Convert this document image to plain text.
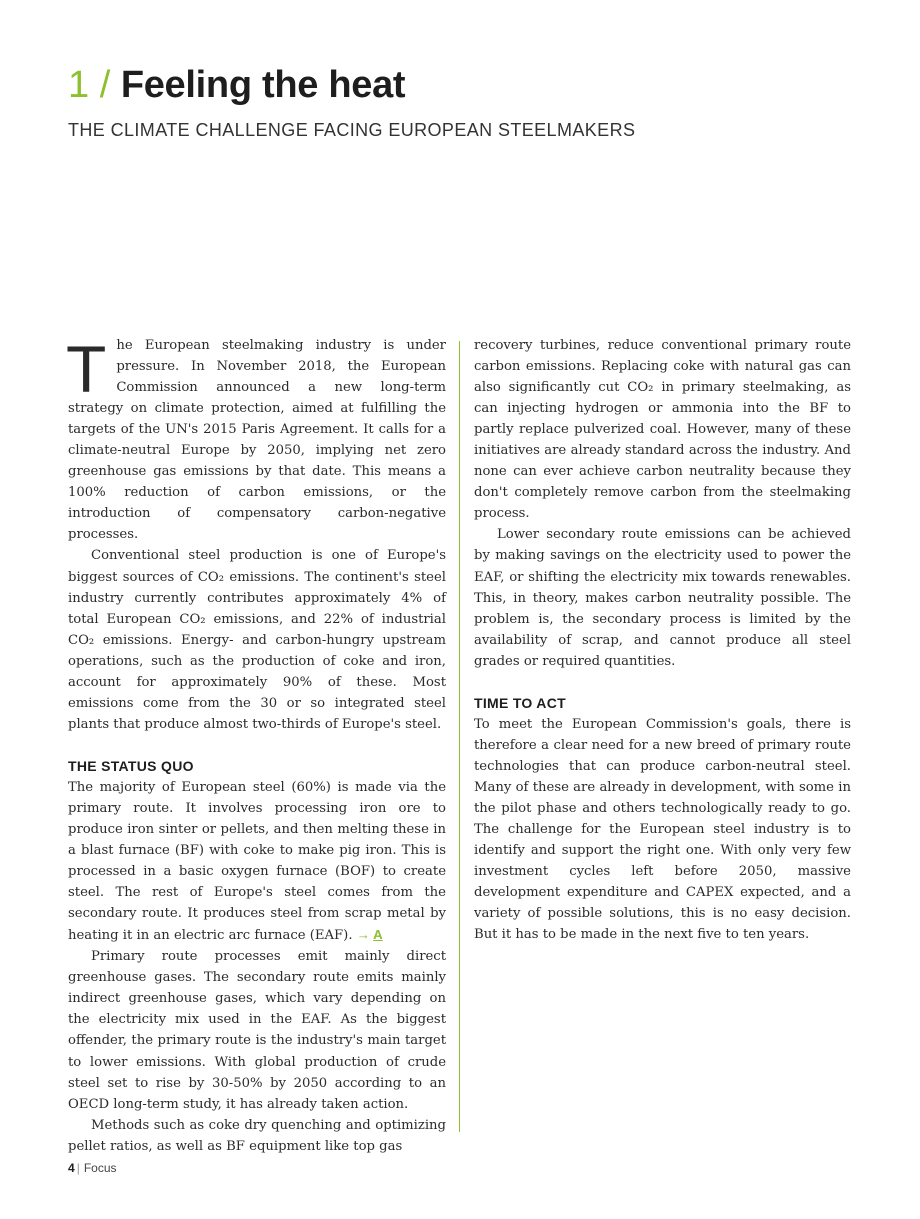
1 / Feeling the heat
THE CLIMATE CHALLENGE FACING EUROPEAN STEELMAKERS

The European steelmaking industry is under pressure. In November 2018, the European Commission announced a new long-term strategy on climate protection, aimed at fulfilling the targets of the UN's 2015 Paris Agreement. It calls for a climate-neutral Europe by 2050, implying net zero greenhouse gas emissions by that date. This means a 100% reduction of carbon emissions, or the introduction of compensatory carbon-negative processes.

Conventional steel production is one of Europe's biggest sources of CO₂ emissions. The continent's steel industry currently contributes approximately 4% of total European CO₂ emissions, and 22% of industrial CO₂ emissions. Energy- and carbon-hungry upstream operations, such as the production of coke and iron, account for approximately 90% of these. Most emissions come from the 30 or so integrated steel plants that produce almost two-thirds of Europe's steel.

THE STATUS QUO

The majority of European steel (60%) is made via the primary route. It involves processing iron ore to produce iron sinter or pellets, and then melting these in a blast furnace (BF) with coke to make pig iron. This is processed in a basic oxygen furnace (BOF) to create steel. The rest of Europe's steel comes from the secondary route. It produces steel from scrap metal by heating it in an electric arc furnace (EAF). → A

Primary route processes emit mainly direct greenhouse gases. The secondary route emits mainly indirect greenhouse gases, which vary depending on the electricity mix used in the EAF. As the biggest offender, the primary route is the industry's main target to lower emissions. With global production of crude steel set to rise by 30-50% by 2050 according to an OECD long-term study, it has already taken action.

Methods such as coke dry quenching and optimizing pellet ratios, as well as BF equipment like top gas

recovery turbines, reduce conventional primary route carbon emissions. Replacing coke with natural gas can also significantly cut CO₂ in primary steelmaking, as can injecting hydrogen or ammonia into the BF to partly replace pulverized coal. However, many of these initiatives are already standard across the industry. And none can ever achieve carbon neutrality because they don't completely remove carbon from the steelmaking process.

Lower secondary route emissions can be achieved by making savings on the electricity used to power the EAF, or shifting the electricity mix towards renewables. This, in theory, makes carbon neutrality possible. The problem is, the secondary process is limited by the availability of scrap, and cannot produce all steel grades or required quantities.

TIME TO ACT

To meet the European Commission's goals, there is therefore a clear need for a new breed of primary route technologies that can produce carbon-neutral steel. Many of these are already in development, with some in the pilot phase and others technologically ready to go. The challenge for the European steel industry is to identify and support the right one. With only very few investment cycles left before 2050, massive development expenditure and CAPEX expected, and a variety of possible solutions, this is no easy decision. But it has to be made in the next five to ten years.

4 | Focus
